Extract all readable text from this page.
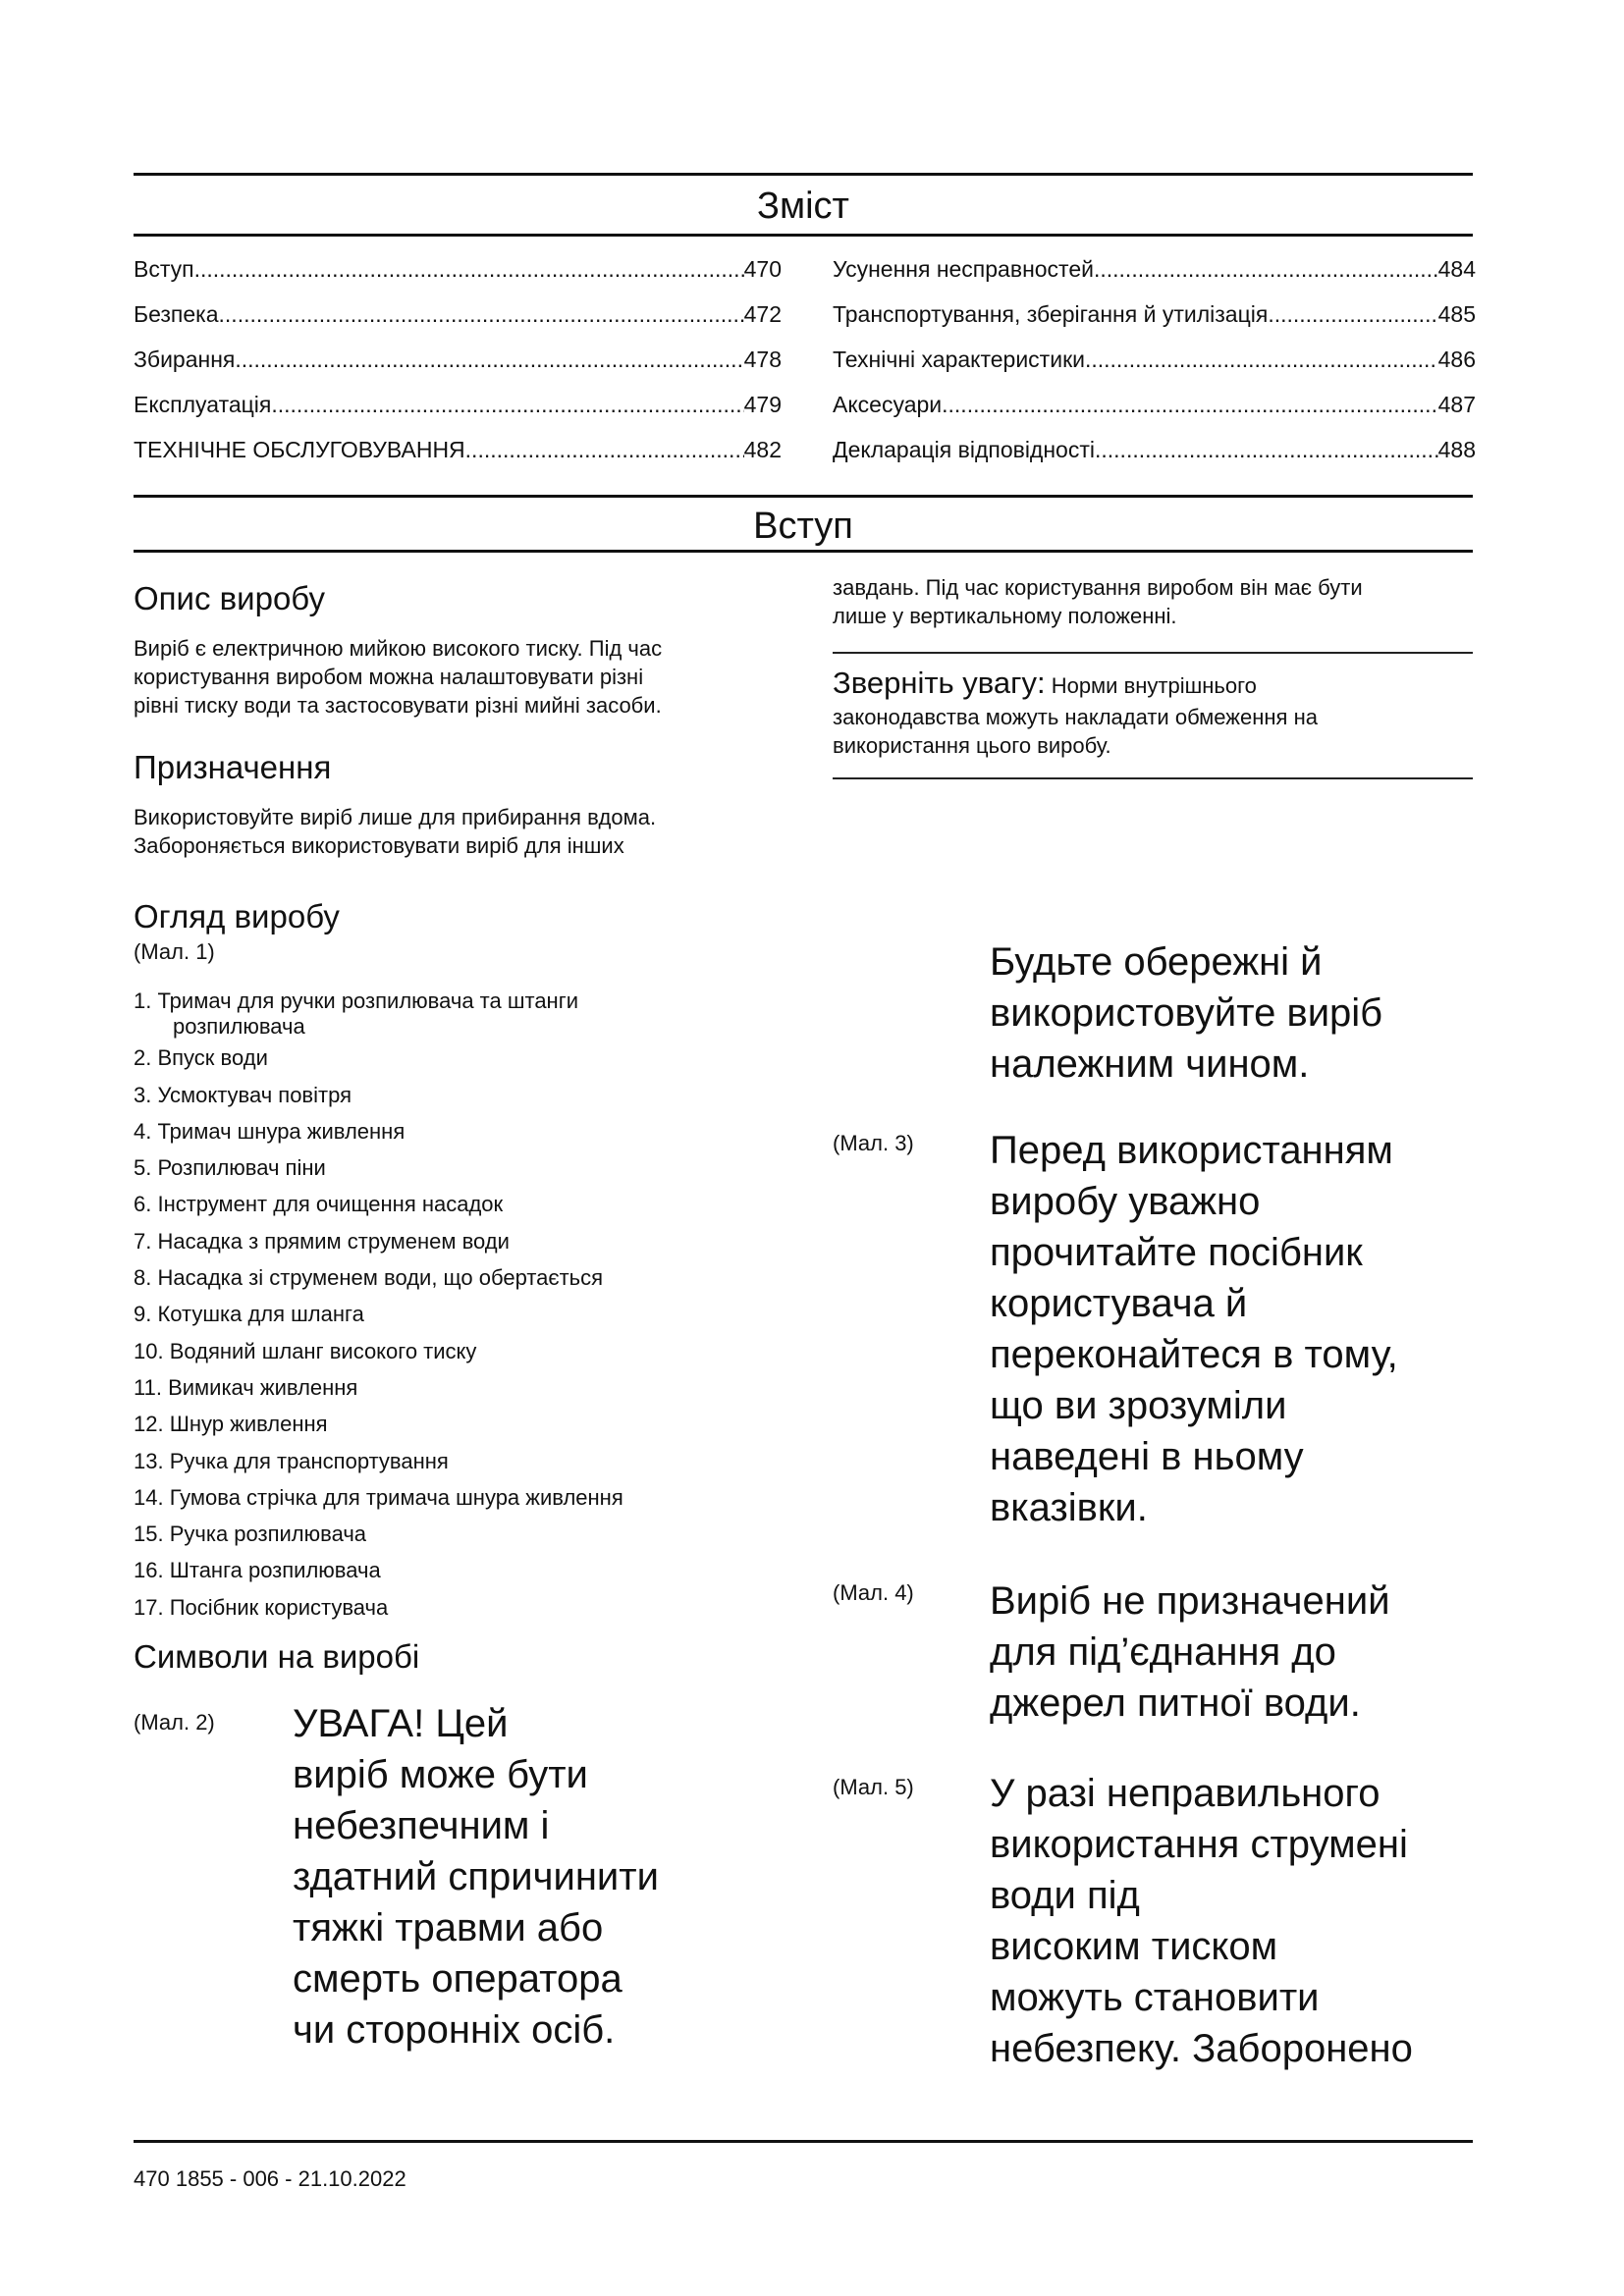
Зміст
Вступ .....	470
Безпека .....	472
Збирання .....	478
Експлуатація .....	479
ТЕХНІЧНЕ ОБСЛУГОВУВАННЯ .....	482
Усунення несправностей .....	484
Транспортування, зберігання й утилізація .....	485
Технічні характеристики .....	486
Аксесуари .....	487
Декларація відповідності .....	488
Вступ
Опис виробу
Виріб є електричною мийкою високого тиску. Під час
користування виробом можна налаштовувати різні
рівні тиску води та застосовувати різні мийні засоби.
Призначення
Використовуйте виріб лише для прибирання вдома.
Забороняється використовувати виріб для інших
Огляд виробу
(Мал. 1)
1. Тримач для ручки розпилювача та штанги
розпилювача
2. Впуск води
3. Усмоктувач повітря
4. Тримач шнура живлення
5. Розпилювач піни
6. Інструмент для очищення насадок
7. Насадка з прямим струменем води
8. Насадка зі струменем води, що обертається
9. Котушка для шланга
10. Водяний шланг високого тиску
11. Вимикач живлення
12. Шнур живлення
13. Ручка для транспортування
14. Гумова стрічка для тримача шнура живлення
15. Ручка розпилювача
16. Штанга розпилювача
17. Посібник користувача
Символи на виробі
(Мал. 2) УВАГА! Цей
виріб може бути
небезпечним і
здатний спричинити
тяжкі травми або
смерть оператора
чи сторонніх осіб.
завдань. Під час користування виробом він має бути
лише у вертикальному положенні.
Зверніть увагу: Норми внутрішнього
законодавства можуть накладати обмеження на
використання цього виробу.
Будьте обережні й
використовуйте виріб
належним чином.
(Мал. 3) Перед використанням
виробу уважно
прочитайте посібник
користувача й
переконайтеся в тому,
що ви зрозуміли
наведені в ньому
вказівки.
(Мал. 4) Виріб не призначений
для під’єднання до
джерел питної води.
(Мал. 5) У разі неправильного
використання струмені
води під
високим тиском
можуть становити
небезпеку. Заборонено
470 1855 - 006 - 21.10.2022
